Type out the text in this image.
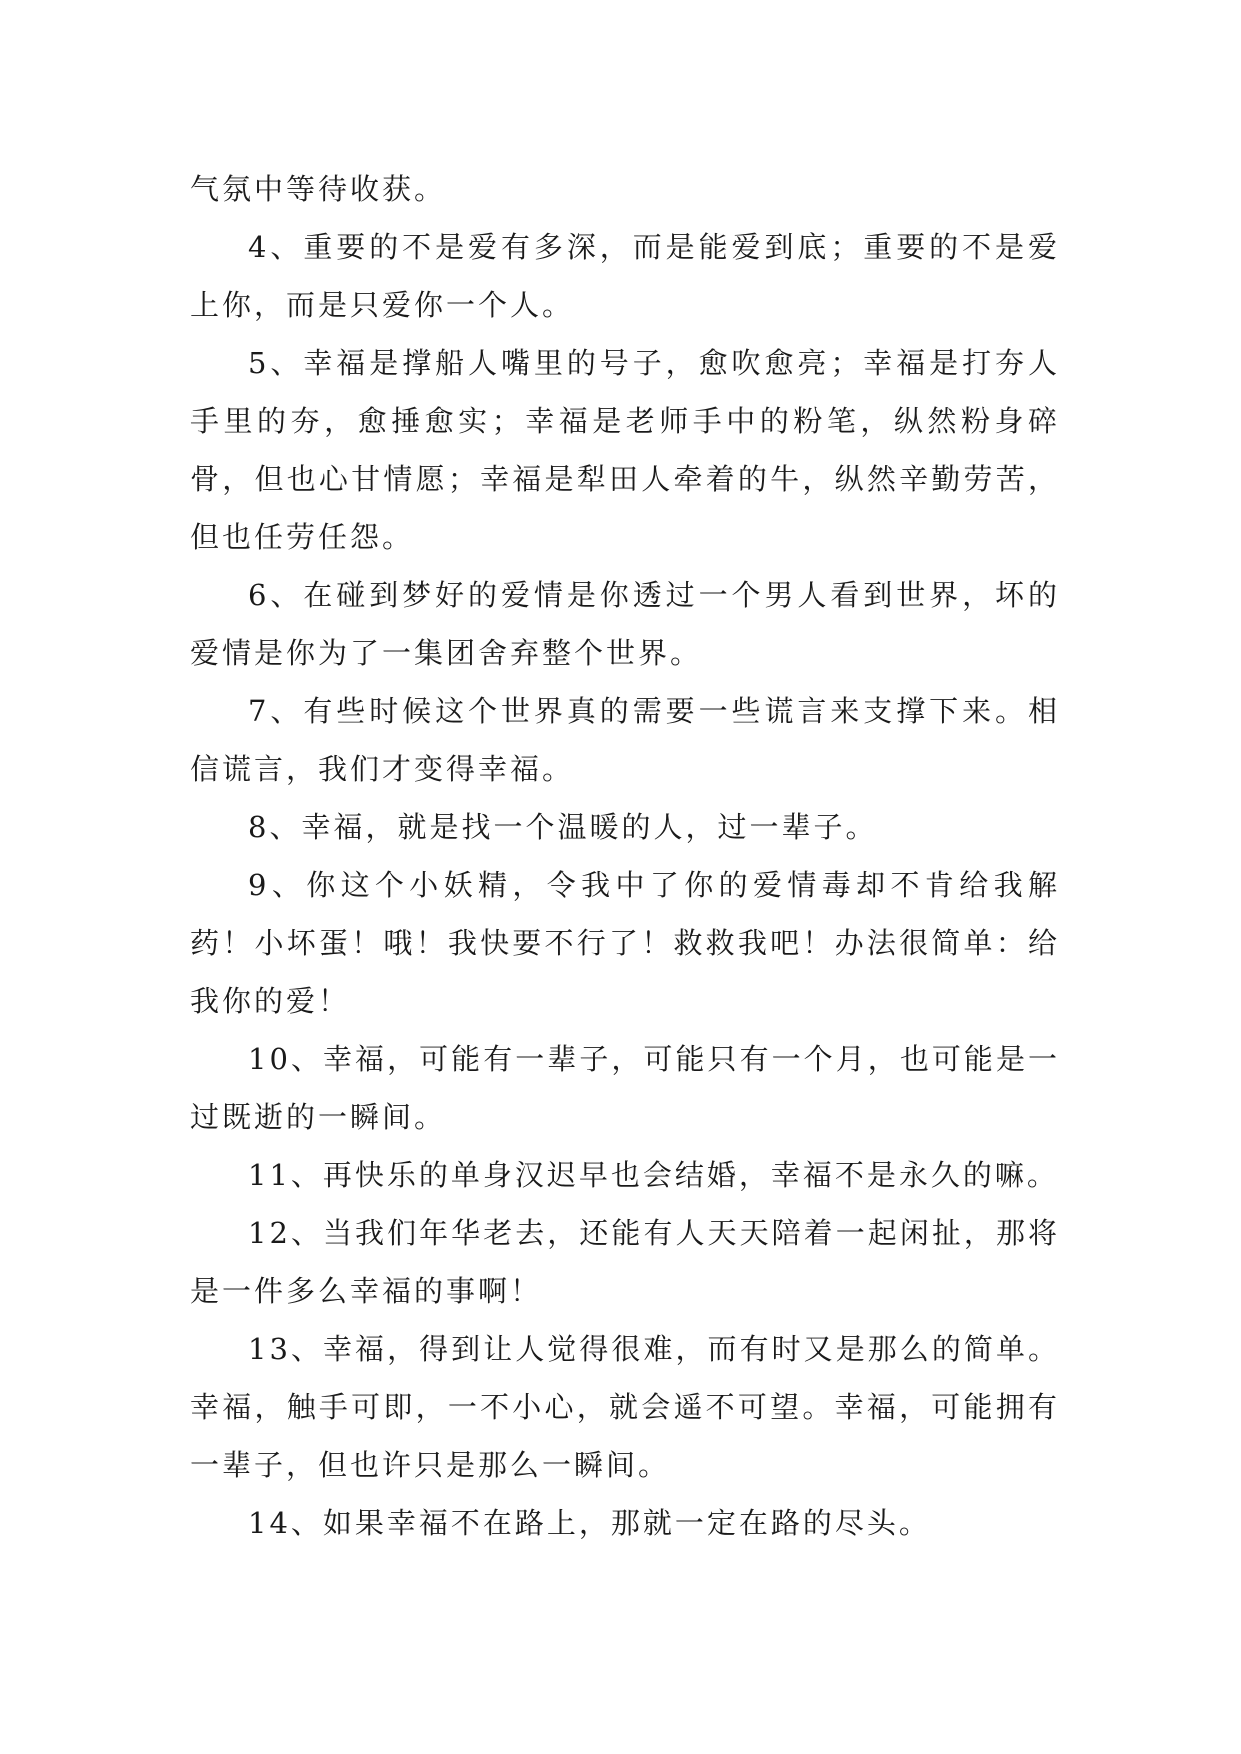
气氛中等待收获。

4、重要的不是爱有多深，而是能爱到底；重要的不是爱上你，而是只爱你一个人。

5、幸福是撑船人嘴里的号子，愈吹愈亮；幸福是打夯人手里的夯，愈捶愈实；幸福是老师手中的粉笔，纵然粉身碎骨，但也心甘情愿；幸福是犁田人牵着的牛，纵然辛勤劳苦，但也任劳任怨。

6、在碰到梦好的爱情是你透过一个男人看到世界，坏的爱情是你为了一集团舍弃整个世界。

7、有些时候这个世界真的需要一些谎言来支撑下来。相信谎言，我们才变得幸福。

8、幸福，就是找一个温暖的人，过一辈子。

9、你这个小妖精，令我中了你的爱情毒却不肯给我解药！小坏蛋！哦！我快要不行了！救救我吧！办法很简单：给我你的爱！

10、幸福，可能有一辈子，可能只有一个月，也可能是一过既逝的一瞬间。

11、再快乐的单身汉迟早也会结婚，幸福不是永久的嘛。

12、当我们年华老去，还能有人天天陪着一起闲扯，那将是一件多么幸福的事啊！

13、幸福，得到让人觉得很难，而有时又是那么的简单。幸福，触手可即，一不小心，就会遥不可望。幸福，可能拥有一辈子，但也许只是那么一瞬间。

14、如果幸福不在路上，那就一定在路的尽头。
